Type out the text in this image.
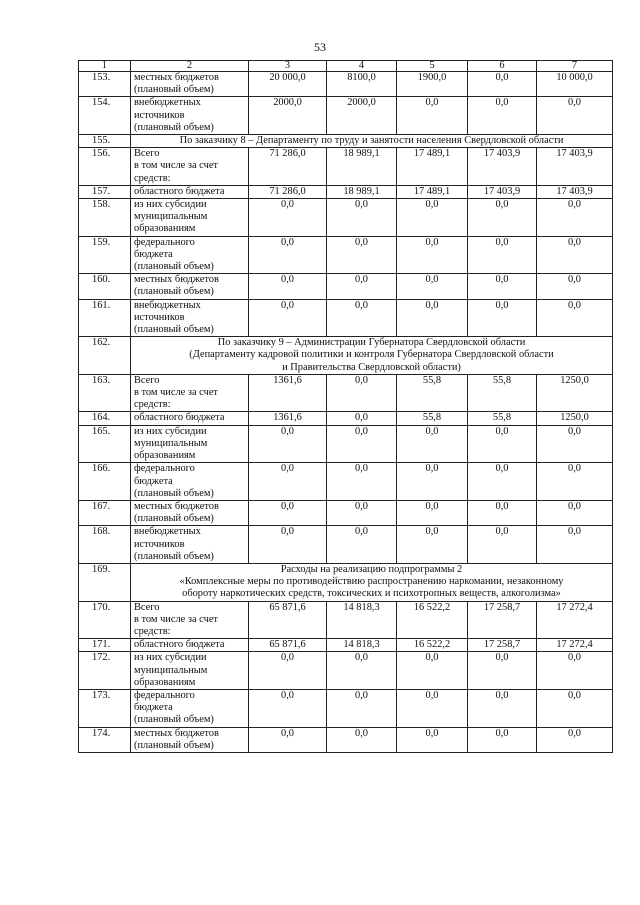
53
1	2	3	4	5	6	7
153.	местных бюджетов
(плановый объем)	20 000,0	8100,0	1900,0	0,0	10 000,0
154.	внебюджетных
источников
(плановый объем)	2000,0	2000,0	0,0	0,0	0,0
155.	По заказчику 8 – Департаменту по труду и занятости населения Свердловской области					
156.	Всего
в том числе за счет
средств:	71 286,0	18 989,1	17 489,1	17 403,9	17 403,9
157.	областного бюджета	71 286,0	18 989,1	17 489,1	17 403,9	17 403,9
158.	из них субсидии
муниципальным
образованиям	0,0	0,0	0,0	0,0	0,0
159.	федерального
бюджета
(плановый объем)	0,0	0,0	0,0	0,0	0,0
160.	местных бюджетов
(плановый объем)	0,0	0,0	0,0	0,0	0,0
161.	внебюджетных
источников
(плановый объем)	0,0	0,0	0,0	0,0	0,0
162.	По заказчику 9 – Администрации Губернатора Свердловской области
(Департаменту кадровой политики и контроля Губернатора Свердловской области
и Правительства Свердловской области)					
163.	Всего
в том числе за счет
средств:	1361,6	0,0	55,8	55,8	1250,0
164.	областного бюджета	1361,6	0,0	55,8	55,8	1250,0
165.	из них субсидии
муниципальным
образованиям	0,0	0,0	0,0	0,0	0,0
166.	федерального
бюджета
(плановый объем)	0,0	0,0	0,0	0,0	0,0
167.	местных бюджетов
(плановый объем)	0,0	0,0	0,0	0,0	0,0
168.	внебюджетных
источников
(плановый объем)	0,0	0,0	0,0	0,0	0,0
169.	Расходы на реализацию подпрограммы 2
«Комплексные меры по противодействию распространению наркомании, незаконному
обороту наркотических средств, токсических и психотропных веществ, алкоголизма»					
170.	Всего
в том числе за счет
средств:	65 871,6	14 818,3	16 522,2	17 258,7	17 272,4
171.	областного бюджета	65 871,6	14 818,3	16 522,2	17 258,7	17 272,4
172.	из них субсидии
муниципальным
образованиям	0,0	0,0	0,0	0,0	0,0
173.	федерального
бюджета
(плановый объем)	0,0	0,0	0,0	0,0	0,0
174.	местных бюджетов
(плановый объем)	0,0	0,0	0,0	0,0	0,0
